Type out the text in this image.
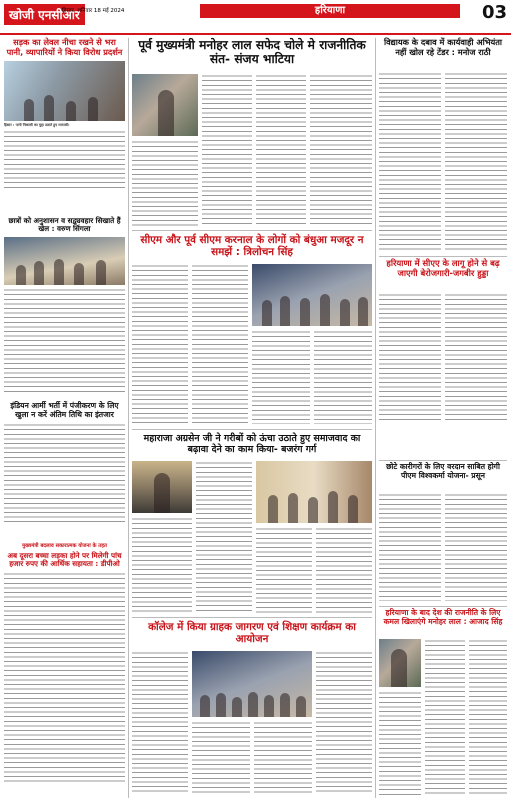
खोजी एनसीआर
हिसार, शनिवार 18 मई 2024	हरियाणा	03
सड़क का लेवल नीचा रखने से भरा पानी, व्यापारियों ने किया विरोध प्रदर्शन
हिसार : पानी निकासी का मुद्दा उठाते हुए व्यापारी।
छात्रों को अनुशासन व सद्व्यवहार सिखाते हैं खेल : वरुण सिंगला
इंडियन आर्मी भर्ती में पंजीकरण के लिए खुला न करें अंतिम तिथि का इंतजार
मुख्यमंत्री बदलाव सकारात्मक योजना के तहत
अब दूसरा बच्चा लड़का होने पर मिलेगी पांच हजार रुपए की आर्थिक सहायता : डीपीओ
पूर्व मुख्यमंत्री मनोहर लाल सफेद चोले मे राजनीतिक संत- संजय भाटिया
सीएम और पूर्व सीएम करनाल के लोगों को बंधुआ मजदूर न समझें : त्रिलोचन सिंह
महाराजा अग्रसेन जी ने गरीबों को ऊंचा उठाते हुए समाजवाद का बढ़ावा देने का काम किया- बजरंग गर्ग
कॉलेज में किया ग्राहक जागरण एवं शिक्षण कार्यक्रम का आयोजन
विद्यायक के दबाव में कार्यवाही अभियंता नहीं खोल रहे टेंडर : मनोज राठी
हरियाणा में सीएए के लागू होने से बढ़ जाएगी बेरोजगारी-जगबीर हुड्डा
छोटे कारीगरों के लिए वरदान साबित होगी पीएम विश्वकर्मा योजना- प्रसून
हरियाणा के बाद देश की राजनीति के लिए कमल खिलाएंगे मनोहर लाल : आजाद सिंह
